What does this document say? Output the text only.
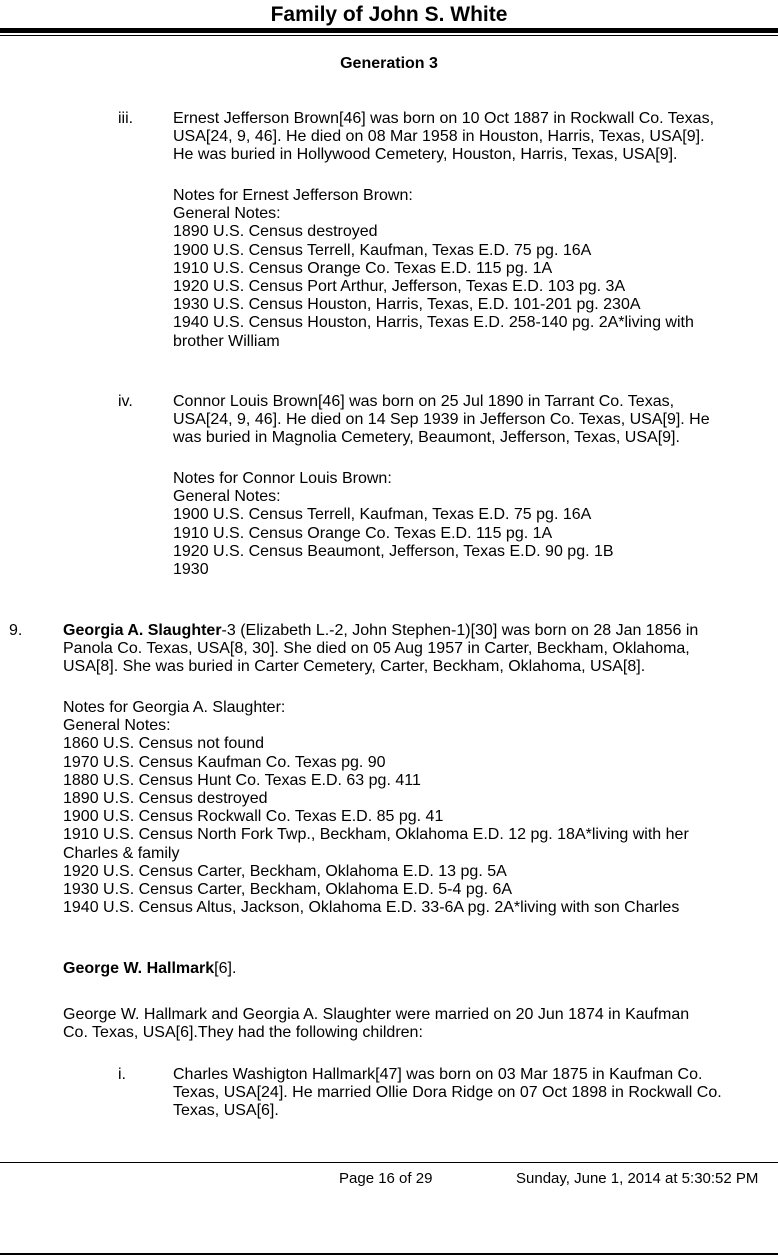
Family of John S. White
Generation 3
iii. Ernest Jefferson Brown[46] was born on 10 Oct 1887 in Rockwall Co. Texas,
USA[24, 9, 46]. He died on 08 Mar 1958 in Houston, Harris, Texas, USA[9].
He was buried in Hollywood Cemetery, Houston, Harris, Texas, USA[9].
Notes for Ernest Jefferson Brown:
General Notes:
1890 U.S. Census destroyed
1900 U.S. Census Terrell, Kaufman, Texas E.D. 75 pg. 16A
1910 U.S. Census Orange Co. Texas E.D. 115 pg. 1A
1920 U.S. Census Port Arthur, Jefferson, Texas E.D. 103 pg. 3A
1930 U.S. Census Houston, Harris, Texas, E.D. 101-201 pg. 230A
1940 U.S. Census Houston, Harris, Texas E.D. 258-140 pg. 2A*living with
brother William
iv.	Connor Louis Brown[46] was born on 25 Jul 1890 in Tarrant Co. Texas,
USA[24, 9, 46]. He died on 14 Sep 1939 in Jefferson Co. Texas, USA[9]. He
was buried in Magnolia Cemetery, Beaumont, Jefferson, Texas, USA[9].
Notes for Connor Louis Brown:
General Notes:
1900 U.S. Census Terrell, Kaufman, Texas E.D. 75 pg. 16A
1910 U.S. Census Orange Co. Texas E.D. 115 pg. 1A
1920 U.S. Census Beaumont, Jefferson, Texas E.D. 90 pg. 1B
1930
9.	Georgia A. Slaughter-3 (Elizabeth L.-2, John Stephen-1)[30] was born on 28 Jan 1856 in
Panola Co. Texas, USA[8, 30]. She died on 05 Aug 1957 in Carter, Beckham, Oklahoma,
USA[8]. She was buried in Carter Cemetery, Carter, Beckham, Oklahoma, USA[8].
Notes for Georgia A. Slaughter:
General Notes:
1860 U.S. Census not found
1970 U.S. Census Kaufman Co. Texas pg. 90
1880 U.S. Census Hunt Co. Texas E.D. 63 pg. 411
1890 U.S. Census destroyed
1900 U.S. Census Rockwall Co. Texas E.D. 85 pg. 41
1910 U.S. Census North Fork Twp., Beckham, Oklahoma E.D. 12 pg. 18A*living with her
Charles & family
1920 U.S. Census Carter, Beckham, Oklahoma E.D. 13 pg. 5A
1930 U.S. Census Carter, Beckham, Oklahoma E.D. 5-4 pg. 6A
1940 U.S. Census Altus, Jackson, Oklahoma E.D. 33-6A pg. 2A*living with son Charles
George W. Hallmark[6].
George W. Hallmark and Georgia A. Slaughter were married on 20 Jun 1874 in Kaufman
Co. Texas, USA[6].They had the following children:
i.	Charles Washigton Hallmark[47] was born on 03 Mar 1875 in Kaufman Co.
Texas, USA[24]. He married Ollie Dora Ridge on 07 Oct 1898 in Rockwall Co.
Texas, USA[6].
Page 16 of 29	Sunday, June 1, 2014 at 5:30:52 PM
